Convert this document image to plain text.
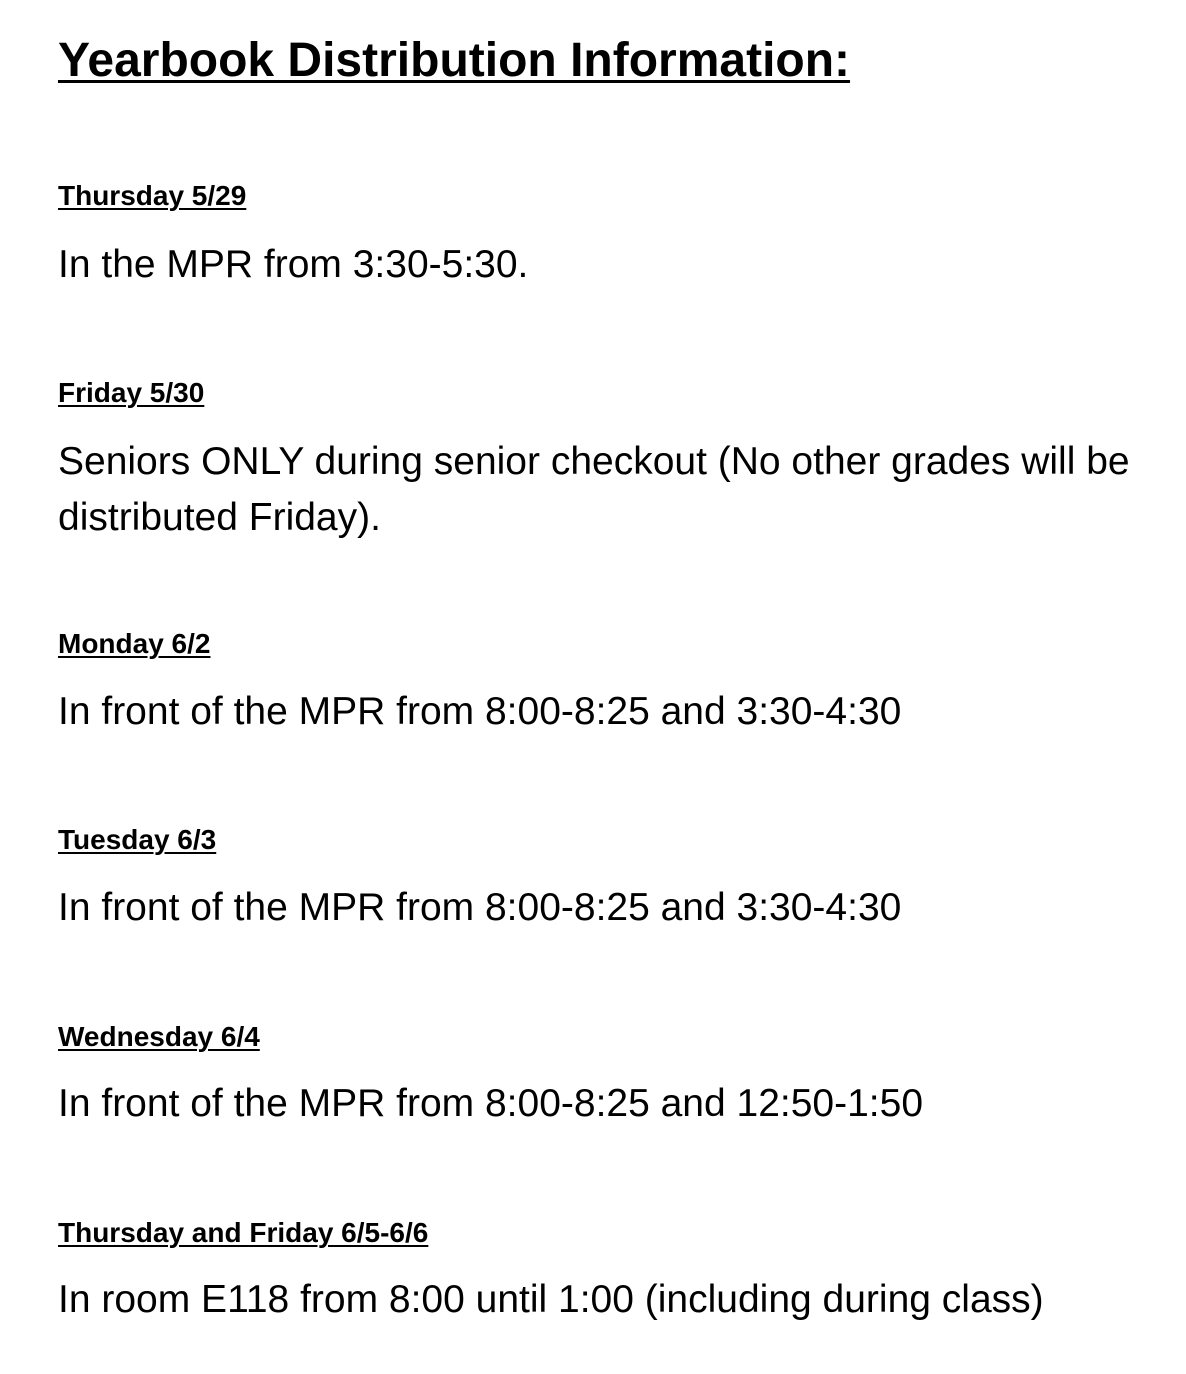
Yearbook Distribution Information:
Thursday 5/29

In the MPR from 3:30-5:30.

Friday 5/30

Seniors ONLY during senior checkout (No other grades will be distributed Friday).

Monday 6/2

In front of the MPR from 8:00-8:25 and 3:30-4:30

Tuesday 6/3

In front of the MPR from 8:00-8:25 and 3:30-4:30

Wednesday 6/4

In front of the MPR from 8:00-8:25 and 12:50-1:50

Thursday and Friday 6/5-6/6

In room E118 from 8:00 until 1:00 (including during class)
